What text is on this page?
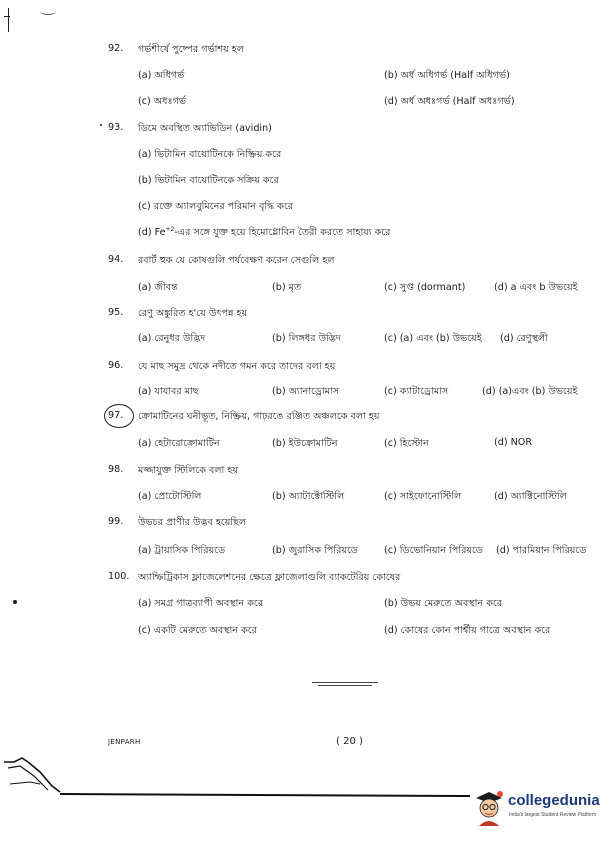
92. গর্ভশীর্ষে পুষ্পের গর্ভাশয় হল
(a) অধিগর্ভ	(b) অর্ধ অধিগর্ভ (Half অধিগর্ভ)
(c) অধঃগর্ভ	(d) অর্ধ অধঃগর্ভ (Half অধঃগর্ভ)
93. ডিমে অবস্থিত অ্যাভিডিন (avidin)
(a) ভিটামিন বায়োটিনকে নিষ্ক্রিয় করে
(b) ভিটামিন বায়োটিনকে সক্রিয় করে
(c) রক্তে অ্যালবুমিনের পরিমান বৃদ্ধি করে
(d) $Fe^{+2}-এর$ সঙ্গে যুক্ত হয়ে হিমোগ্লোবিন তৈরী করতে সাহায্য করে
94. রবার্ট হুক যে কোষগুলি পর্যবেক্ষণ করেন সেগুলি হল
(a) জীবন্ত	(b) মৃত	(c) সুপ্ত (dormant)	(d) a এবং b উভয়েই
95. রেণু অঙ্কুরিত হ'য়ে উৎপন্ন হয়
(a) রেনুধর উদ্ভিদ	(b) লিঙ্গধর উদ্ভিদ	(c) (a) এবং (b) উভয়েই (d) রেণুস্থলী
96. যে মাছ সমুদ্র থেকে নদীতে গমন করে তাদের বলা হয়
(a) যাযাবর মাছ	(b) অ্যানাড্রোমাস	(c) ক্যাটাড্রোমাস	(d) (a)এবং (b) উভয়েই
97. ক্রোমাটিনের ঘনীভূত, নিষ্ক্রিয়, গাঢ়রঙে রঞ্জিত অঞ্চলকে বলা হয়
(a) হেটারোক্রোমাটিন	(b) ইউক্রোমাটিন	(c) হিস্টোন	(d) NOR
98. মজ্জাযুক্ত স্টিলিকে বলা হয়
(a) প্রোটোস্টিলি	(b) অ্যাটাক্টোস্টিলি	(c) সাইফোনোস্টিলি	(d) অ্যাক্টিনোস্টিলি
99. উভচর প্রাণীর উদ্ভব হয়েছিল
(a) ট্রায়াসিক পিরিয়ডে	(b) জুরাসিক পিরিয়ডে	(c) ডিভোনিয়ান পিরিয়ডে (d) পারমিয়ান পিরিয়ডে
100. অ্যাম্ফিট্রিকাস ফ্লাজেলেশনের ক্ষেত্রে ফ্লাজেলাগুলি ব্যাকটেরিয় কোষের
(a) সমগ্র গাত্রব্যাপী অবস্থান করে	(b) উভয় মেরুতে অবস্থান করে
(c) একটি মেরুতে অবস্থান করে	(d) কোষের কোন পার্শ্বীয় গাত্রে অবস্থান করে
JENPARH	( 20 )
collegedunia
India's largest Student Review Platform
